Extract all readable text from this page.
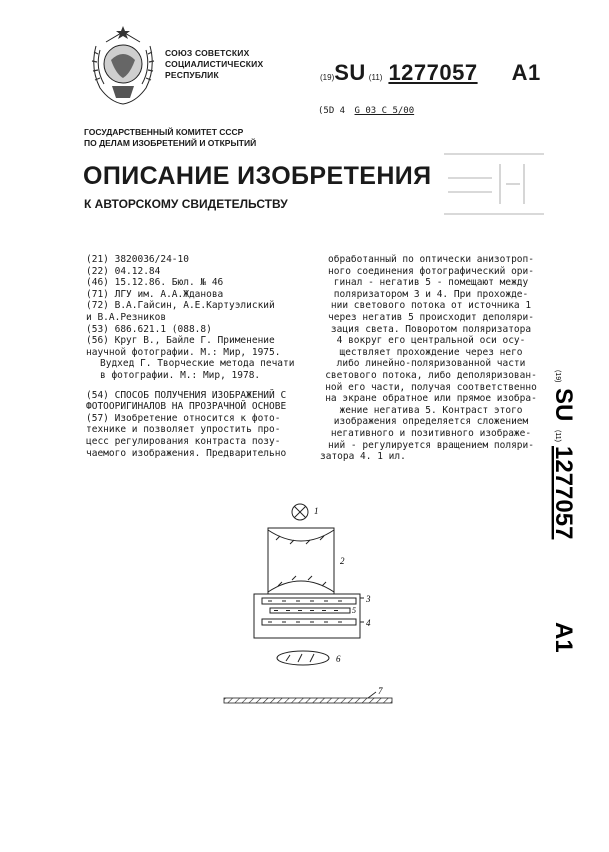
СОЮЗ СОВЕТСКИХ
СОЦИАЛИСТИЧЕСКИХ
РЕСПУБЛИК	(19)SU (11) 1277057 A1
(5D 4 G 03 C 5/00
ГОСУДАРСТВЕННЫЙ КОМИТЕТ СССР
ПО ДЕЛАМ ИЗОБРЕТЕНИЙ И ОТКРЫТИЙ
ОПИСАНИЕ ИЗОБРЕТЕНИЯ
К АВТОРСКОМУ СВИДЕТЕЛЬСТВУ
(21) 3820036/24-10
(22) 04.12.84
(46) 15.12.86. Бюл. № 46
(71) ЛГУ им. А.А.Жданова
(72) В.А.Гайсин, А.Е.Картуэлиский
и В.А.Резников
(53) 686.621.1 (088.8)
(56) Круг В., Байле Г. Применение
научной фотографии. М.: Мир, 1975.
Вудхед Г. Творческие метода печати в фотографии. М.: Мир, 1978.
(54) СПОСОБ ПОЛУЧЕНИЯ ИЗОБРАЖЕНИЙ С
ФОТООРИГИНАЛОВ НА ПРОЗРАЧНОЙ ОСНОВЕ
(57) Изобретение относится к фото-
технике и позволяет упростить про-
цесс регулирования контраста позу-
чаемого изображения. Предварительно
обработанный по оптически анизотроп-
ного соединения фотографический ори-
гинал - негатив 5 - помещают между
поляризатором 3 и 4. При прохожде-
нии светового потока от источника 1
через негатив 5 происходит деполяри-
зация света. Поворотом поляризатора
4 вокруг его центральной оси осу-
ществляет прохождение через него
либо линейно-поляризованной части
светового потока, либо деполяризован-
ной его части, получая соответственно
на экране обратное или прямое изобра-
жение негатива 5. Контраст этого
изображения определяется сложением
негативного и позитивного изображе-
ний - регулируется вращением поляри-
затора 4. 1 ил.
(19)
SU
(11)
1277057
A1
1
2
3
5
4
6
7
